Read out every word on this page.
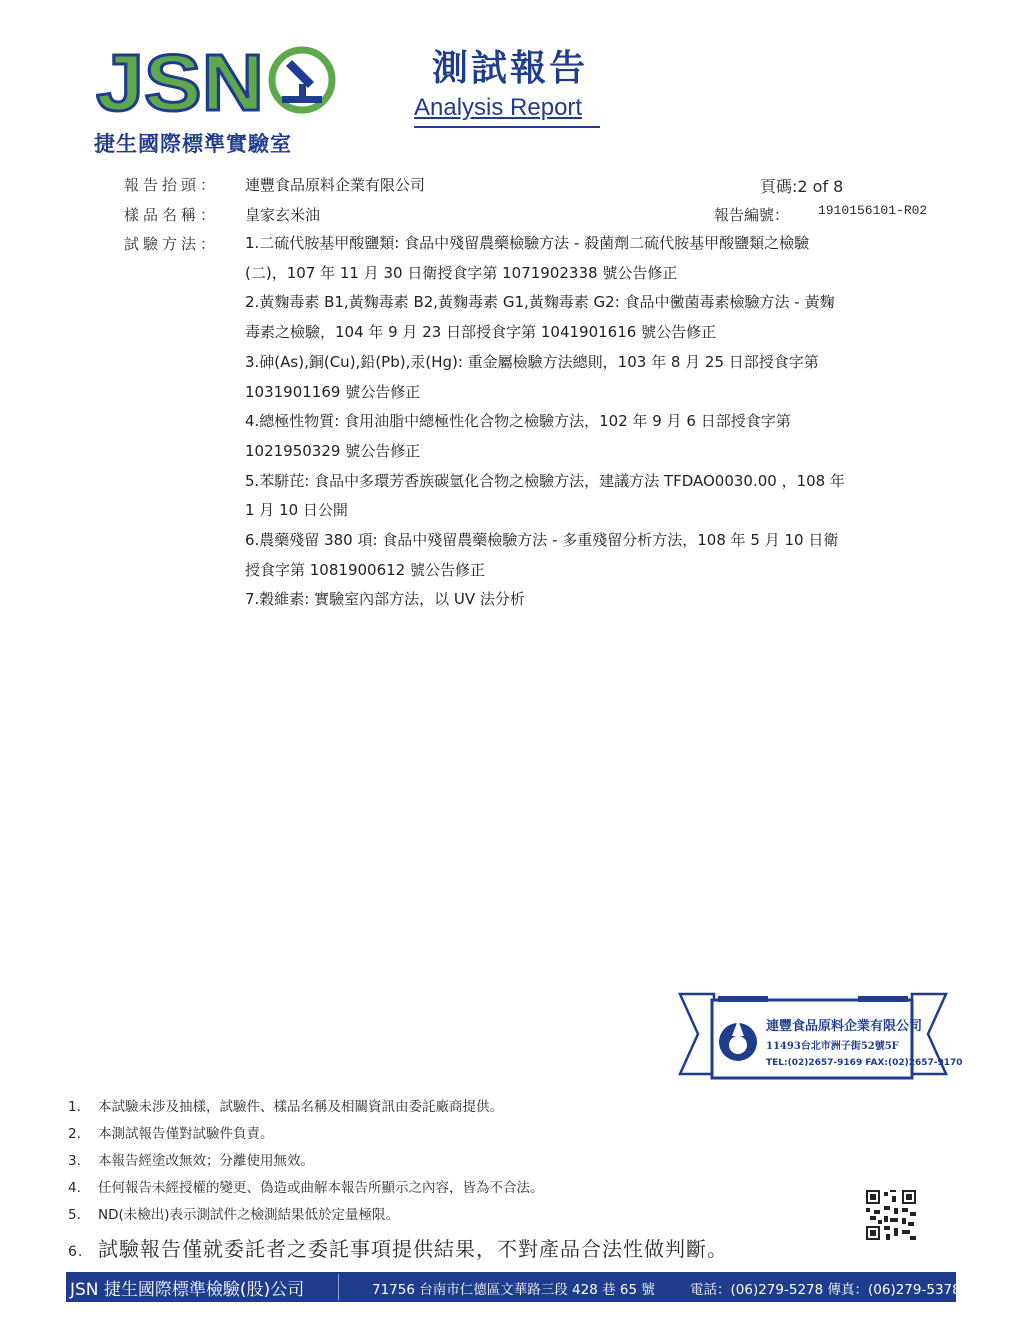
JSN
捷生國際標準實驗室
測試報告
Analysis Report
報告抬頭： 連豐食品原料企業有限公司
樣品名稱： 皇家玄米油
試驗方法：
頁碼:2 of 8
報告編號： 1910156101-R02
1.二硫代胺基甲酸鹽類: 食品中殘留農藥檢驗方法 - 殺菌劑二硫代胺基甲酸鹽類之檢驗
(二)，107 年 11 月 30 日衛授食字第 1071902338 號公告修正
2.黃麴毒素 B1,黃麴毒素 B2,黃麴毒素 G1,黃麴毒素 G2: 食品中黴菌毒素檢驗方法 - 黃麴
毒素之檢驗，104 年 9 月 23 日部授食字第 1041901616 號公告修正
3.砷(As),銅(Cu),鉛(Pb),汞(Hg): 重金屬檢驗方法總則，103 年 8 月 25 日部授食字第
1031901169 號公告修正
4.總極性物質: 食用油脂中總極性化合物之檢驗方法，102 年 9 月 6 日部授食字第
1021950329 號公告修正
5.苯駢芘: 食品中多環芳香族碳氫化合物之檢驗方法，建議方法 TFDAO0030.00 ，108 年
1 月 10 日公開
6.農藥殘留 380 項: 食品中殘留農藥檢驗方法 - 多重殘留分析方法，108 年 5 月 10 日衛
授食字第 1081900612 號公告修正
7.穀維素: 實驗室內部方法，以 UV 法分析
連豐食品原料企業有限公司
11493台北市洲子街52號5F
TEL:(02)2657-9169 FAX:(02)2657-9170
1. 本試驗未涉及抽樣，試驗件、樣品名稱及相關資訊由委託廠商提供。
2. 本測試報告僅對試驗件負責。
3. 本報告經塗改無效；分離使用無效。
4. 任何報告未經授權的變更、偽造或曲解本報告所顯示之內容，皆為不合法。
5. ND(未檢出)表示測試件之檢測結果低於定量極限。
6. 試驗報告僅就委託者之委託事項提供結果，不對產品合法性做判斷。
JSN 捷生國際標準檢驗(股)公司	71756 台南市仁德區文華路三段 428 巷 65 號	電話：(06)279-5278 傳真：(06)279-5378
